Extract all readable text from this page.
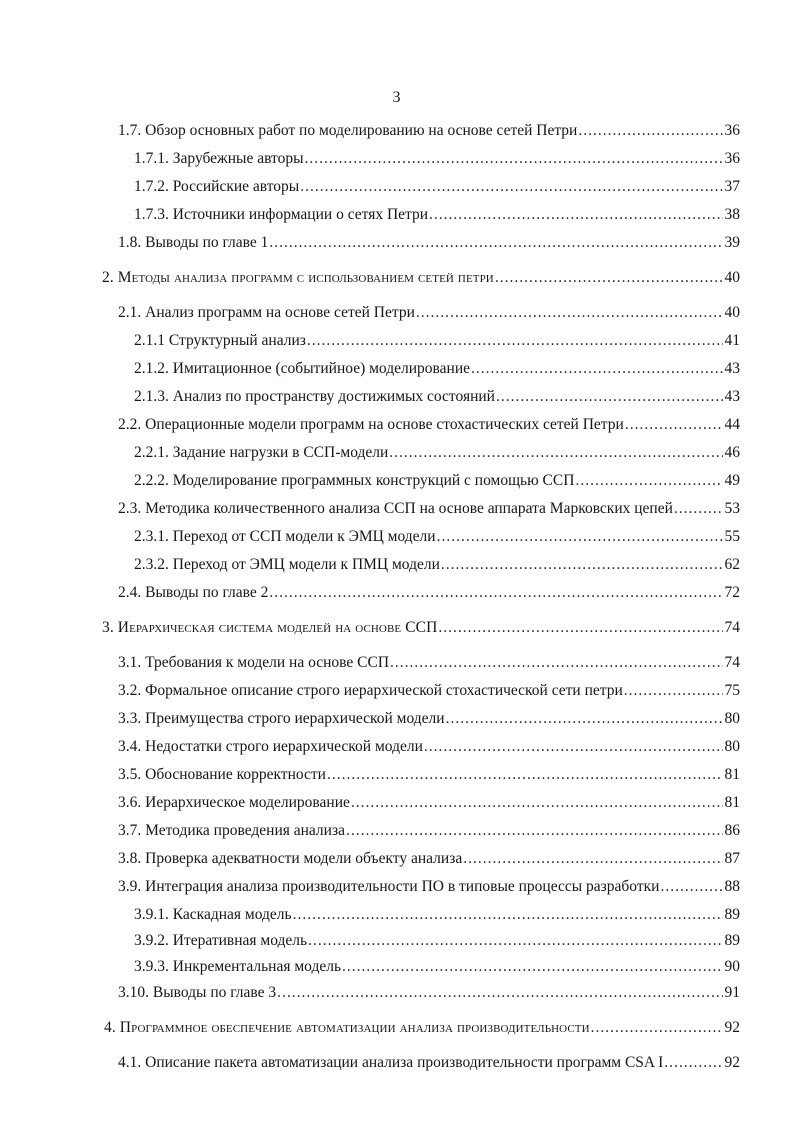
3
1.7. Обзор основных работ по моделированию на основе сетей Петри .....	36
1.7.1. Зарубежные авторы .....	36
1.7.2. Российские авторы .....	37
1.7.3. Источники информации о сетях Петри .....	38
1.8. Выводы по главе 1 .....	39
2. Методы анализа программ с использованием сетей петри .....	40
2.1. Анализ программ на основе сетей Петри .....	40
2.1.1 Структурный анализ .....	41
2.1.2. Имитационное (событийное) моделирование .....	43
2.1.3. Анализ по пространству достижимых состояний .....	43
2.2. Операционные модели программ на основе стохастических сетей Петри .....	44
2.2.1. Задание нагрузки в ССП-модели .....	46
2.2.2. Моделирование программных конструкций с помощью ССП .....	49
2.3. Методика количественного анализа ССП на основе аппарата Марковских цепей .....	53
2.3.1. Переход от ССП модели к ЭМЦ модели .....	55
2.3.2. Переход от ЭМЦ модели к ПМЦ модели .....	62
2.4. Выводы по главе 2 .....	72
3. Иерархическая система моделей на основе ССП .....	74
3.1. Требования к модели на основе ССП .....	74
3.2. Формальное описание строго иерархической стохастической сети петри .....	75
3.3. Преимущества строго иерархической модели .....	80
3.4. Недостатки строго иерархической модели .....	80
3.5. Обоснование корректности .....	81
3.6. Иерархическое моделирование .....	81
3.7. Методика проведения анализа .....	86
3.8. Проверка адекватности модели объекту анализа .....	87
3.9. Интеграция анализа производительности ПО в типовые процессы разработки .....	88
3.9.1. Каскадная модель .....	89
3.9.2. Итеративная модель .....	89
3.9.3. Инкрементальная модель .....	90
3.10. Выводы по главе 3 .....	91
4. Программное обеспечение автоматизации анализа производительности .....	92
4.1. Описание пакета автоматизации анализа производительности программ CSA I .....	92
